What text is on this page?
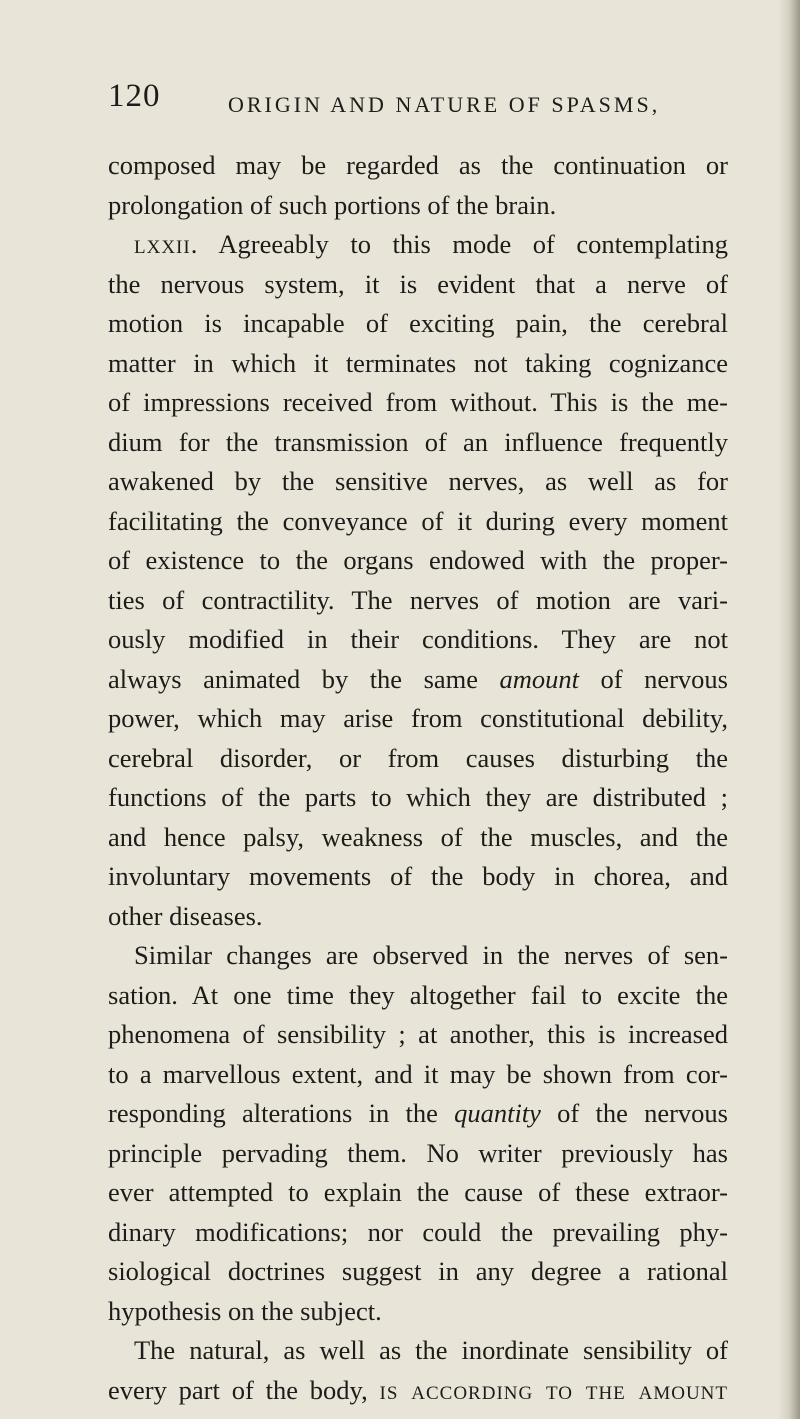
120	ORIGIN AND NATURE OF SPASMS,
composed may be regarded as the continuation or
prolongation of such portions of the brain.
lxxii. Agreeably to this mode of contemplating
the nervous system, it is evident that a nerve of
motion is incapable of exciting pain, the cerebral
matter in which it terminates not taking cognizance
of impressions received from without. This is the me-
dium for the transmission of an influence frequently
awakened by the sensitive nerves, as well as for
facilitating the conveyance of it during every moment
of existence to the organs endowed with the proper-
ties of contractility. The nerves of motion are vari-
ously modified in their conditions. They are not
always animated by the same amount of nervous
power, which may arise from constitutional debility,
cerebral disorder, or from causes disturbing the
functions of the parts to which they are distributed ;
and hence palsy, weakness of the muscles, and the
involuntary movements of the body in chorea, and
other diseases.
Similar changes are observed in the nerves of sen-
sation. At one time they altogether fail to excite the
phenomena of sensibility ; at another, this is increased
to a marvellous extent, and it may be shown from cor-
responding alterations in the quantity of the nervous
principle pervading them. No writer previously has
ever attempted to explain the cause of these extraor-
dinary modifications; nor could the prevailing phy-
siological doctrines suggest in any degree a rational
hypothesis on the subject.
The natural, as well as the inordinate sensibility of
every part of the body, is according to the amount
